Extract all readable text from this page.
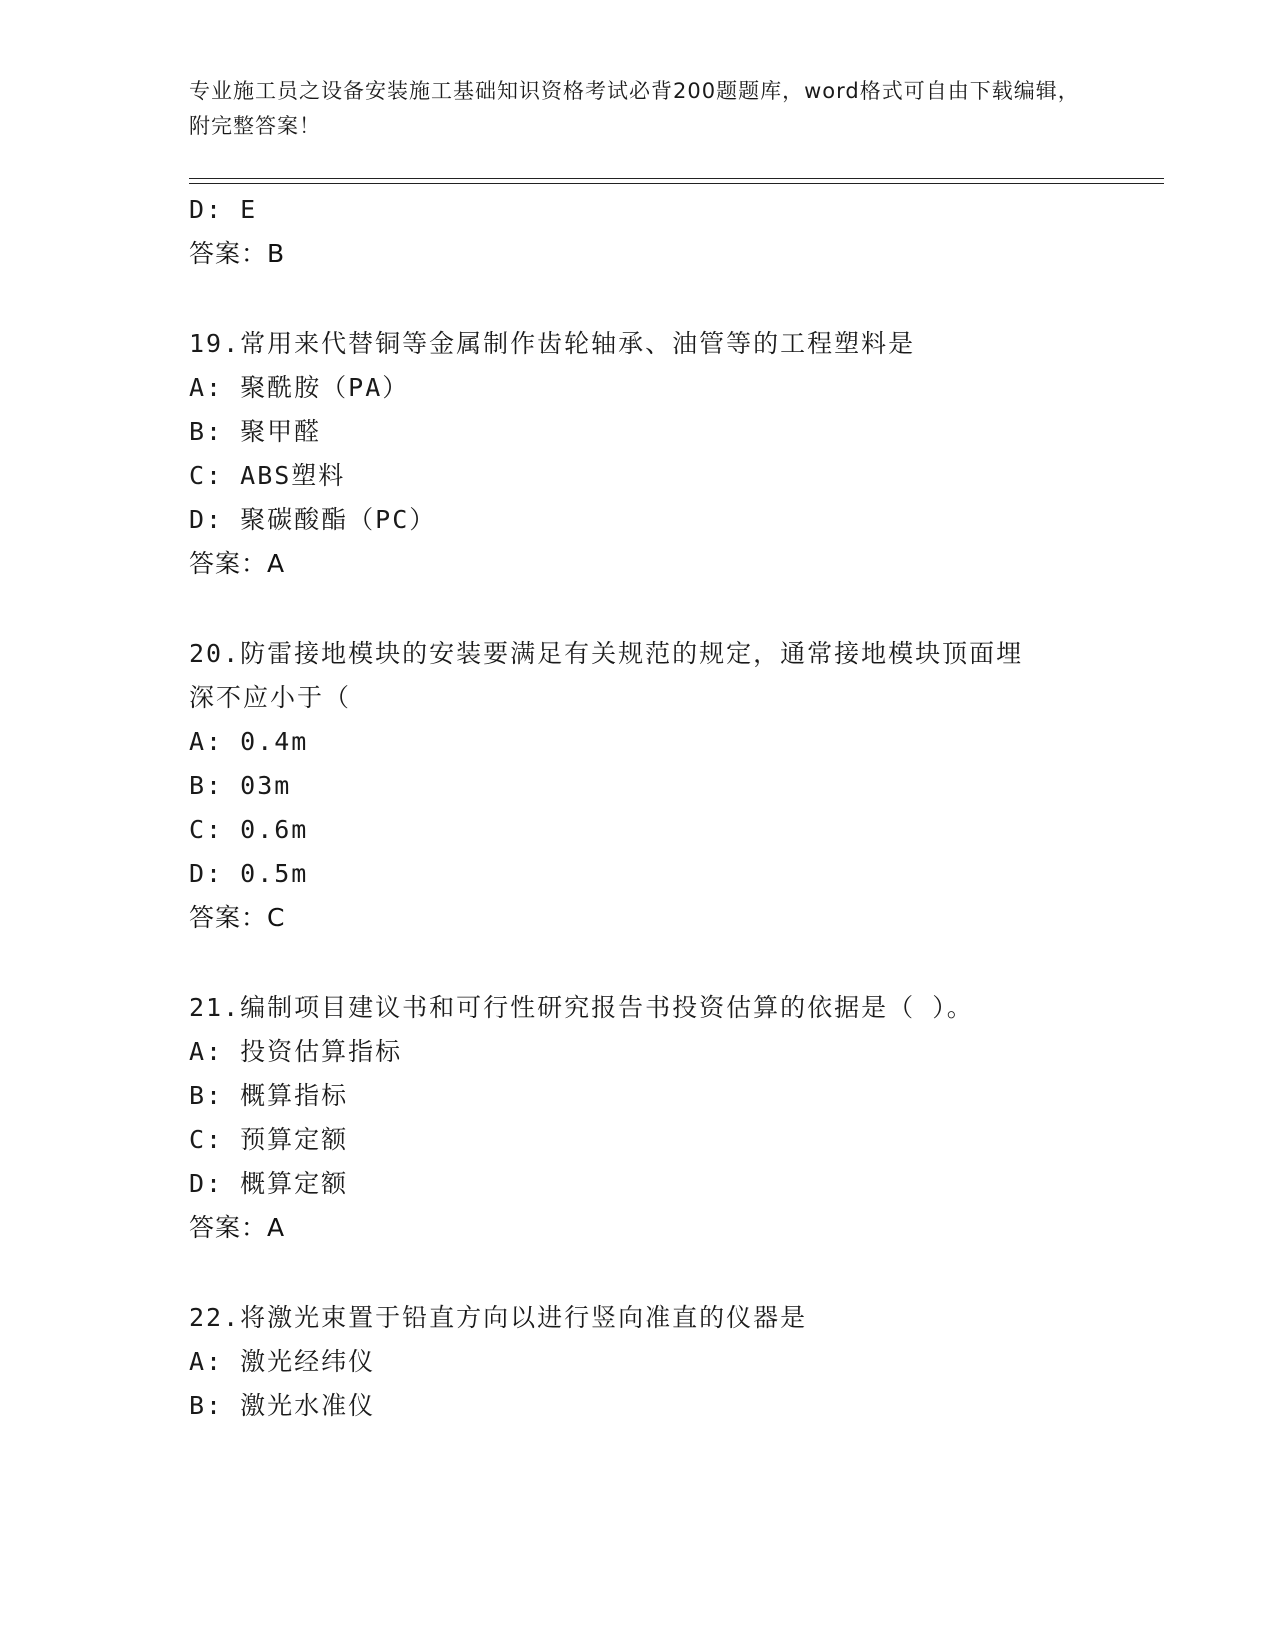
专业施工员之设备安装施工基础知识资格考试必背200题题库，word格式可自由下载编辑，附完整答案！
D: E
答案：B
19.常用来代替铜等金属制作齿轮轴承、油管等的工程塑料是
A: 聚酰胺（PA）
B: 聚甲醛
C: ABS塑料
D: 聚碳酸酯（PC）
答案：A
20.防雷接地模块的安装要满足有关规范的规定，通常接地模块顶面埋
深不应小于（
A: 0.4m
B: 03m
C: 0.6m
D: 0.5m
答案：C
21.编制项目建议书和可行性研究报告书投资估算的依据是（ ）。
A: 投资估算指标
B: 概算指标
C: 预算定额
D: 概算定额
答案：A
22.将激光束置于铅直方向以进行竖向准直的仪器是
A: 激光经纬仪
B: 激光水准仪
